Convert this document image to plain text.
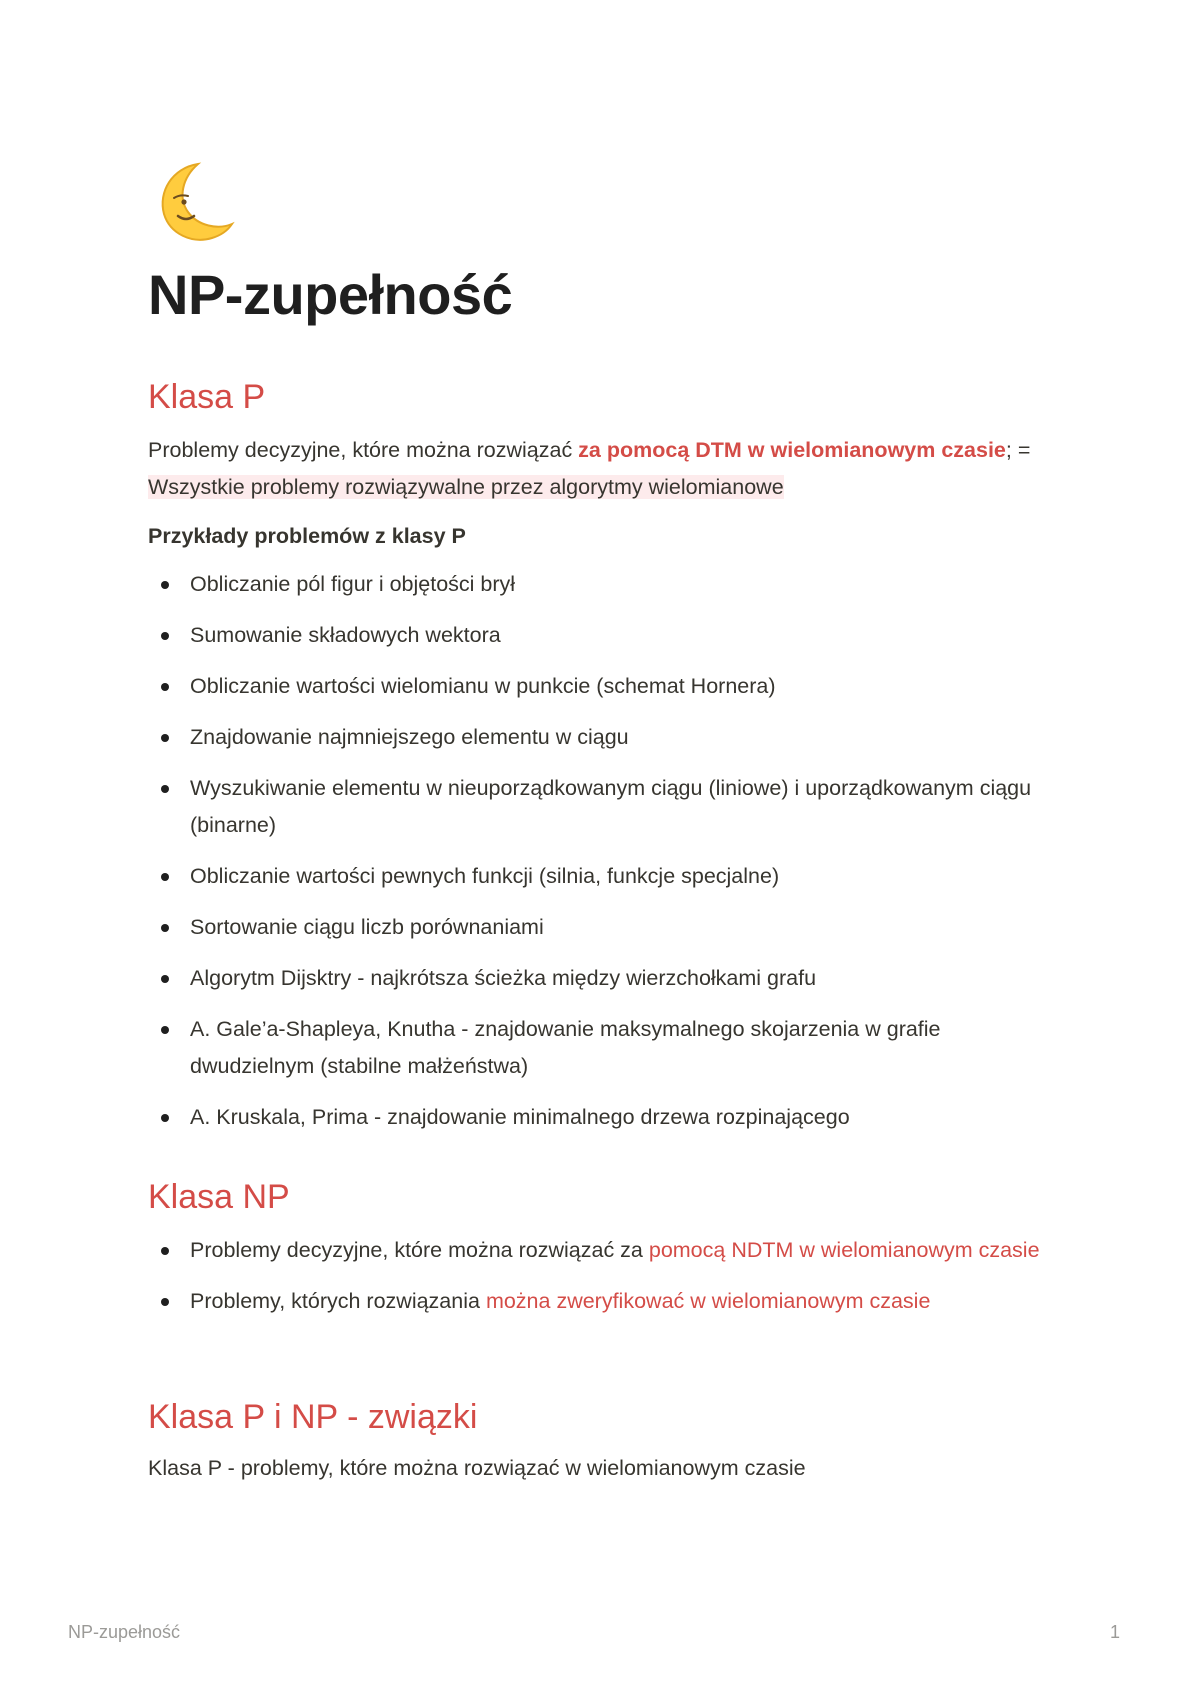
NP-zupełność
Klasa P

Problemy decyzyjne, które można rozwiązać za pomocą DTM w wielomianowym czasie; = Wszystkie problemy rozwiązywalne przez algorytmy wielomianowe

Przykłady problemów z klasy P

Obliczanie pól figur i objętości brył
Sumowanie składowych wektora
Obliczanie wartości wielomianu w punkcie (schemat Hornera)
Znajdowanie najmniejszego elementu w ciągu
Wyszukiwanie elementu w nieuporządkowanym ciągu (liniowe) i uporządkowanym ciągu (binarne)
Obliczanie wartości pewnych funkcji (silnia, funkcje specjalne)
Sortowanie ciągu liczb porównaniami
Algorytm Dijsktry - najkrótsza ścieżka między wierzchołkami grafu
A. Gale’a-Shapleya, Knutha - znajdowanie maksymalnego skojarzenia w grafie dwudzielnym (stabilne małżeństwa)
A. Kruskala, Prima - znajdowanie minimalnego drzewa rozpinającego
Klasa NP
Problemy decyzyjne, które można rozwiązać za pomocą NDTM w wielomianowym czasie
Problemy, których rozwiązania można zweryfikować w wielomianowym czasie
Klasa P i NP - związki

Klasa P - problemy, które można rozwiązać w wielomianowym czasie

NP-zupełność	1
